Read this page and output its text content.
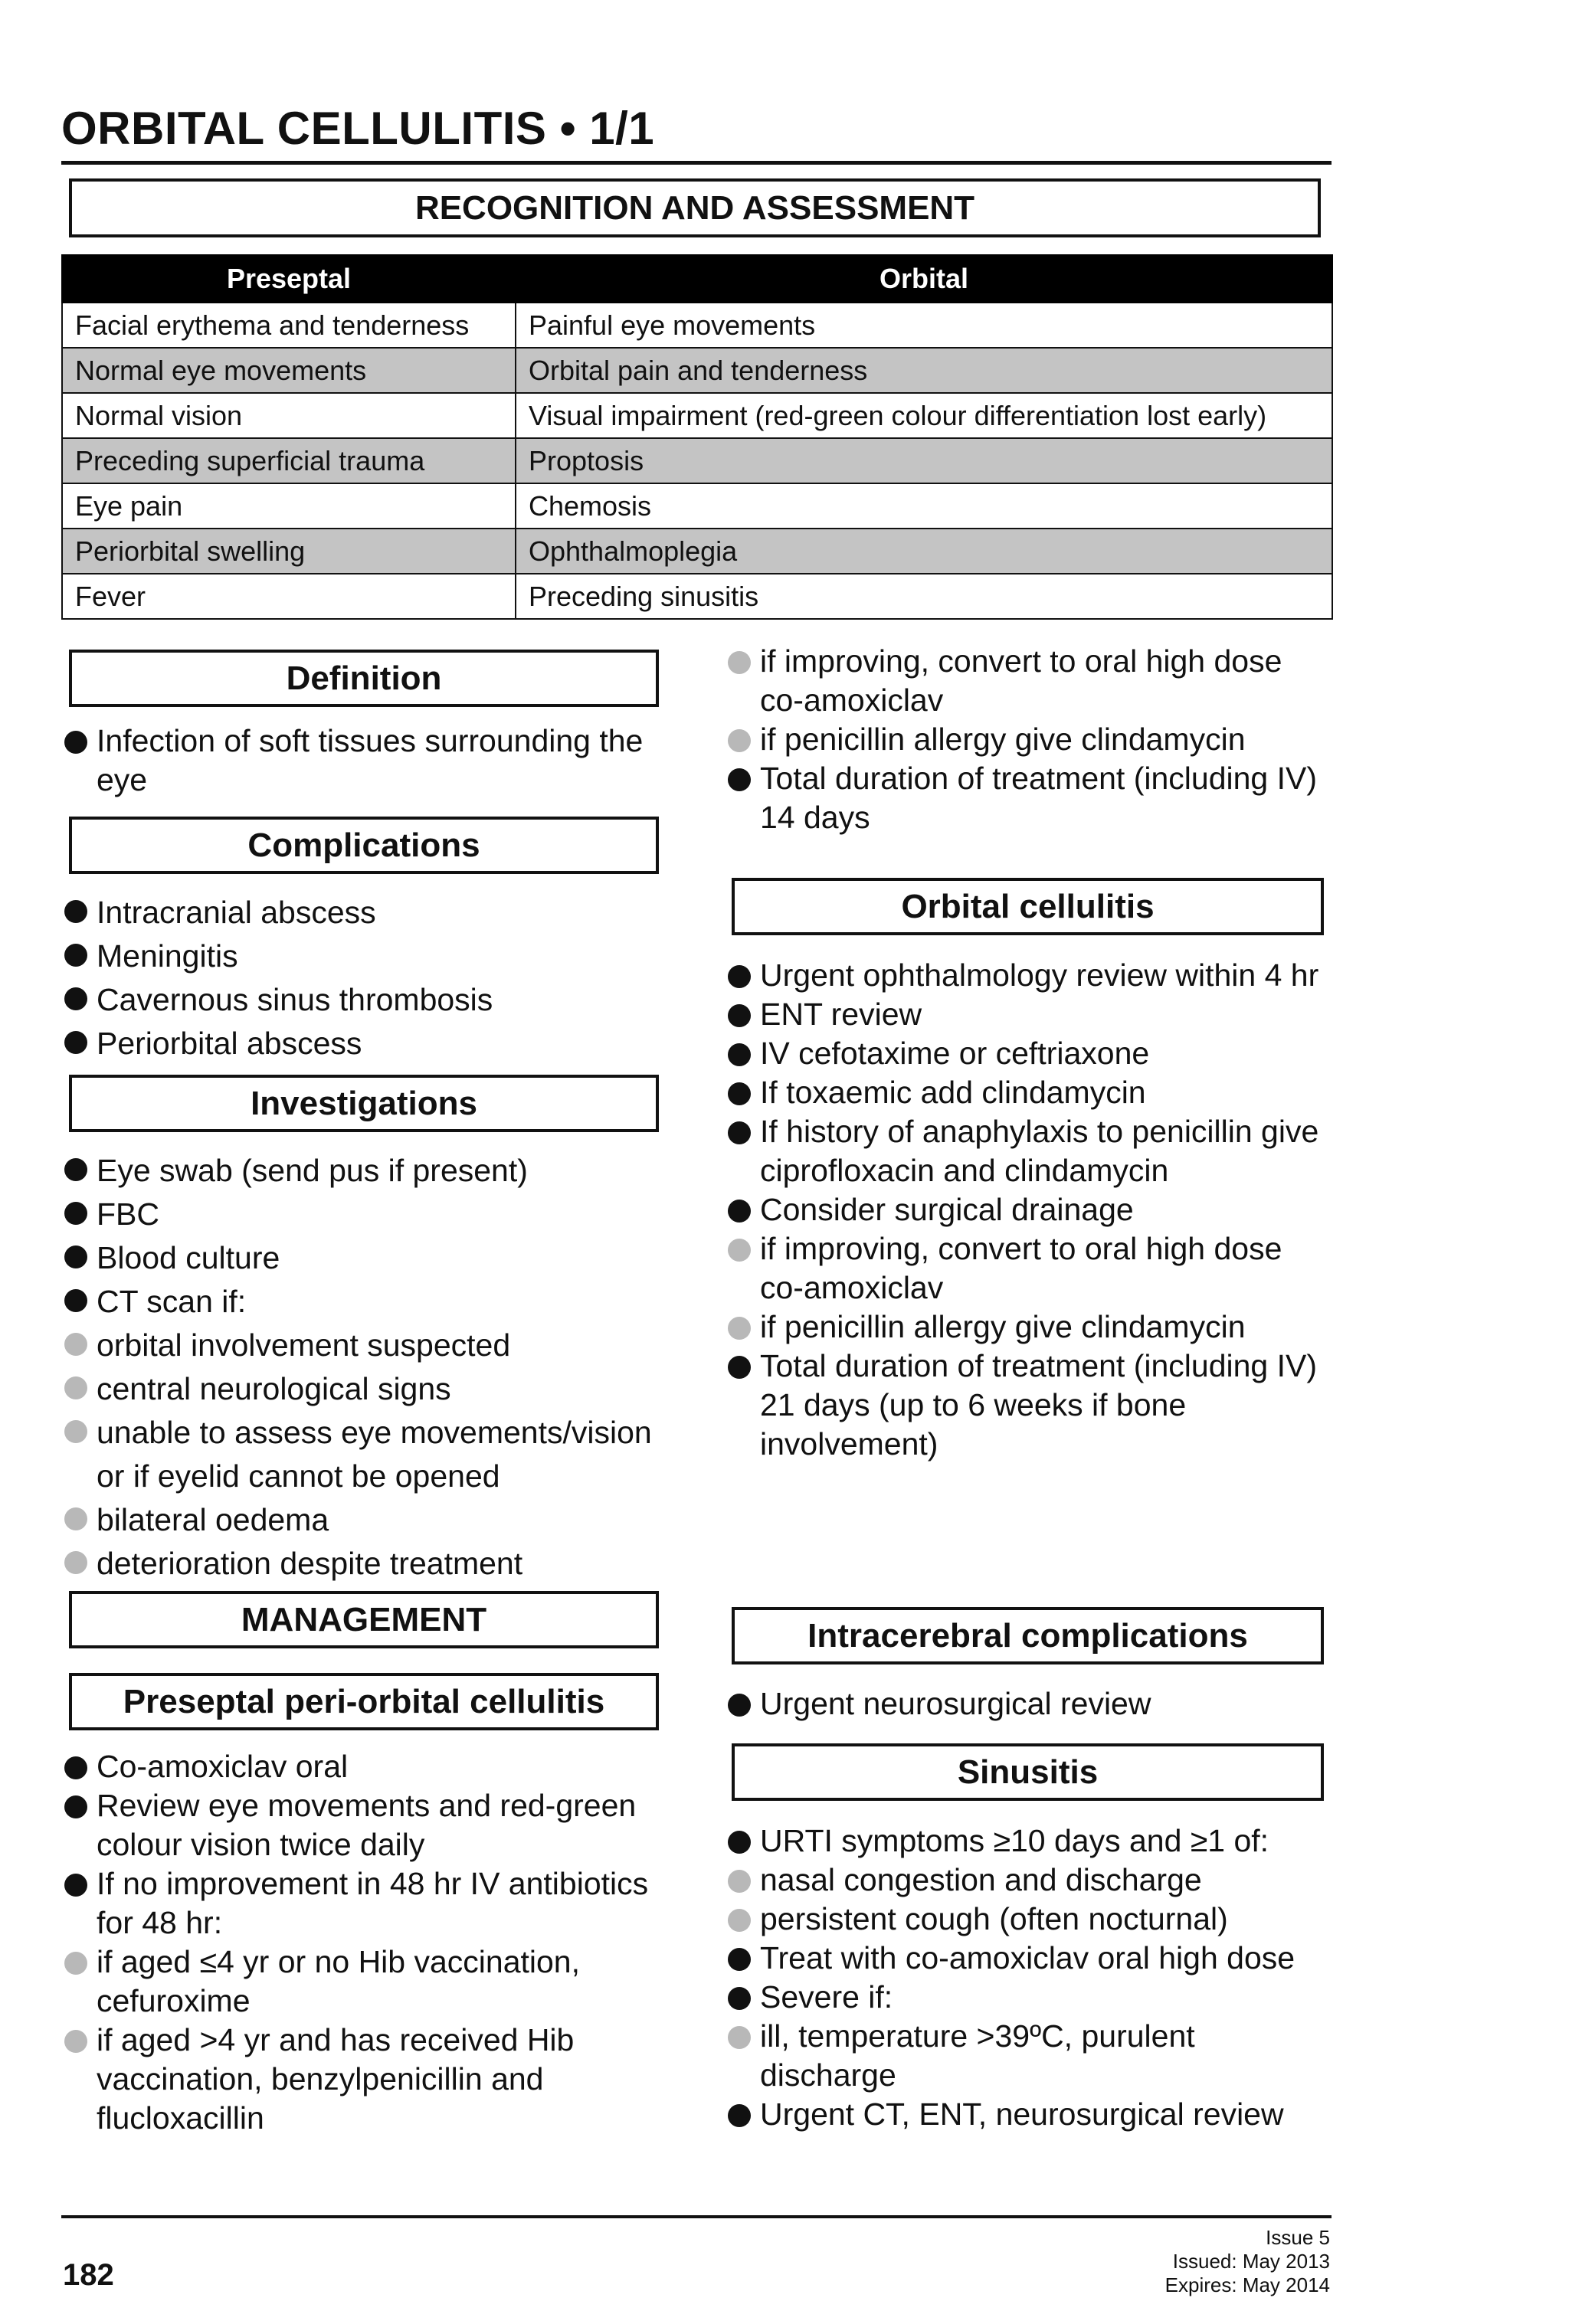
ORBITAL CELLULITIS • 1/1
RECOGNITION AND ASSESSMENT
Preseptal	Orbital
Facial erythema and tenderness	Painful eye movements
Normal eye movements	Orbital pain and tenderness
Normal vision	Visual impairment (red-green colour differentiation lost early)
Preceding superficial trauma	Proptosis
Eye pain	Chemosis
Periorbital swelling	Ophthalmoplegia
Fever	Preceding sinusitis
Definition
Infection of soft tissues surrounding the eye
Complications
Intracranial abscess
Meningitis
Cavernous sinus thrombosis
Periorbital abscess
Investigations
Eye swab (send pus if present)
FBC
Blood culture
CT scan if:
orbital involvement suspected
central neurological signs
unable to assess eye movements/vision or if eyelid cannot be opened
bilateral oedema
deterioration despite treatment
MANAGEMENT
Preseptal peri-orbital cellulitis
Co-amoxiclav oral
Review eye movements and red-green colour vision twice daily
If no improvement in 48 hr IV antibiotics for 48 hr:
if aged ≤4 yr or no Hib vaccination, cefuroxime
if aged >4 yr and has received Hib vaccination, benzylpenicillin and flucloxacillin
if improving, convert to oral high dose co-amoxiclav
if penicillin allergy give clindamycin
Total duration of treatment (including IV) 14 days
Orbital cellulitis
Urgent ophthalmology review within 4 hr
ENT review
IV cefotaxime or ceftriaxone
If toxaemic add clindamycin
If history of anaphylaxis to penicillin give ciprofloxacin and clindamycin
Consider surgical drainage
if improving, convert to oral high dose co-amoxiclav
if penicillin allergy give clindamycin
Total duration of treatment (including IV) 21 days (up to 6 weeks if bone involvement)
Intracerebral complications
Urgent neurosurgical review
Sinusitis
URTI symptoms ≥10 days and ≥1 of:
nasal congestion and discharge
persistent cough (often nocturnal)
Treat with co-amoxiclav oral high dose
Severe if:
ill, temperature >39ºC, purulent discharge
Urgent CT, ENT, neurosurgical review
182
Issue 5
Issued: May 2013
Expires: May 2014
